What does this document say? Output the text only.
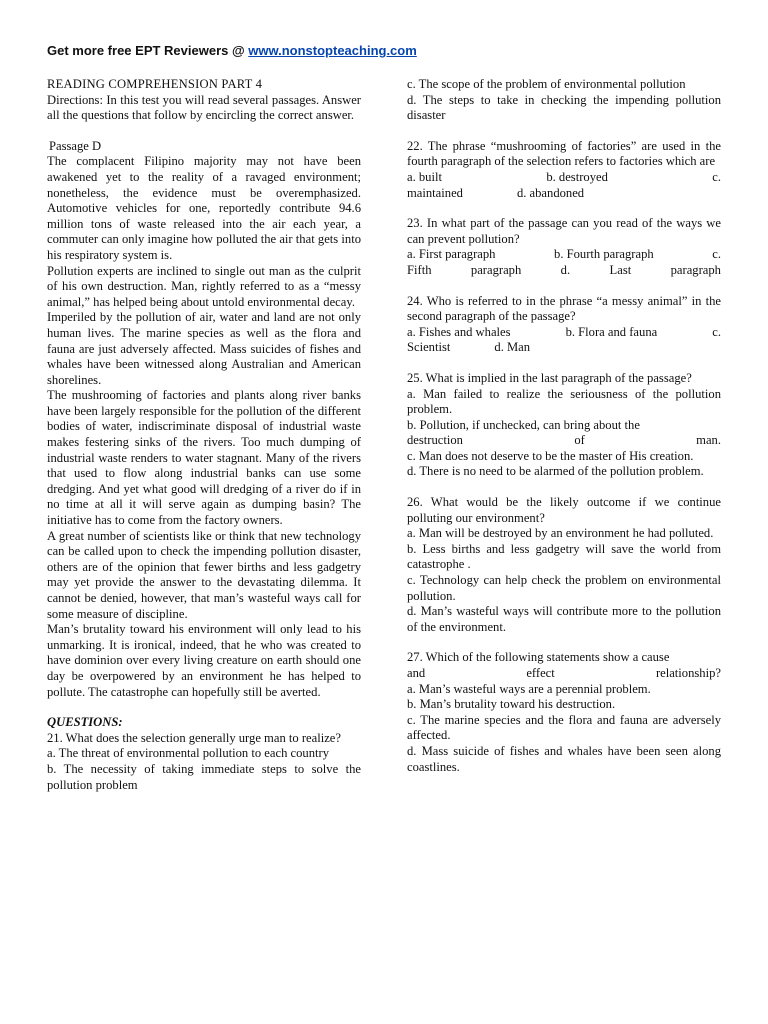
Get more free EPT Reviewers @ www.nonstopteaching.com

READING COMPREHENSION PART 4

Directions: In this test you will read several passages. Answer all the questions that follow by encircling the correct answer.

Passage D

The complacent Filipino majority may not have been awakened yet to the reality of a ravaged environment; nonetheless, the evidence must be overemphasized. Automotive vehicles for one, reportedly contribute 94.6 million tons of waste released into the air each year, a commuter can only imagine how polluted the air that gets into his respiratory system is.

Pollution experts are inclined to single out man as the culprit of his own destruction. Man, rightly referred to as a “messy animal,” has helped being about untold environmental decay.

Imperiled by the pollution of air, water and land are not only human lives. The marine species as well as the flora and fauna are just adversely affected. Mass suicides of fishes and whales have been witnessed along Australian and American shorelines.

The mushrooming of factories and plants along river banks have been largely responsible for the pollution of the different bodies of water, indiscriminate disposal of industrial waste makes festering sinks of the rivers. Too much dumping of industrial waste renders to water stagnant. Many of the rivers that used to flow along industrial banks can use some dredging. And yet what good will dredging of a river do if in no time at all it will serve again as dumping basin? The initiative has to come from the factory owners.

A great number of scientists like or think that new technology can be called upon to check the impending pollution disaster, others are of the opinion that fewer births and less gadgetry may yet provide the answer to the devastating dilemma. It cannot be denied, however, that man’s wasteful ways call for some measure of discipline.

Man’s brutality toward his environment will only lead to his unmarking. It is ironical, indeed, that he who was created to have dominion over every living creature on earth should one day be overpowered by an environment he has helped to pollute. The catastrophe can hopefully still be averted.

QUESTIONS:

21. What does the selection generally urge man to realize?

a. The threat of environmental pollution to each country

b. The necessity of taking immediate steps to solve the pollution problem

c. The scope of the problem of environmental pollution

d. The steps to take in checking the impending pollution disaster

22. The phrase “mushrooming of factories” are used in the fourth paragraph of the selection refers to factories which are

a. built	b. destroyed	c.
maintained	d. abandoned

23. In what part of the passage can you read of the ways we can prevent pollution?

a. First paragraph	b. Fourth paragraph	c.
Fifth	paragraph	d.	Last	paragraph

24. Who is referred to in the phrase “a messy animal” in the second paragraph of the passage?

a. Fishes and whales	b. Flora and fauna	c.
Scientist	d. Man

25. What is implied in the last paragraph of the passage?

a. Man failed to realize the seriousness of the pollution problem.

b. Pollution, if unchecked, can bring about the

destruction	of	man.

c. Man does not deserve to be the master of His creation.

d. There is no need to be alarmed of the pollution problem.

26. What would be the likely outcome if we continue polluting our environment?

a. Man will be destroyed by an environment he had polluted.

b. Less births and less gadgetry will save the world from catastrophe .

c. Technology can help check the problem on environmental pollution.

d. Man’s wasteful ways will contribute more to the pollution of the environment.

27. Which of the following statements show a cause

and	effect	relationship?

a. Man’s wasteful ways are a perennial problem.

b. Man’s brutality toward his destruction.

c. The marine species and the flora and fauna are adversely affected.

d. Mass suicide of fishes and whales have been seen along coastlines.
